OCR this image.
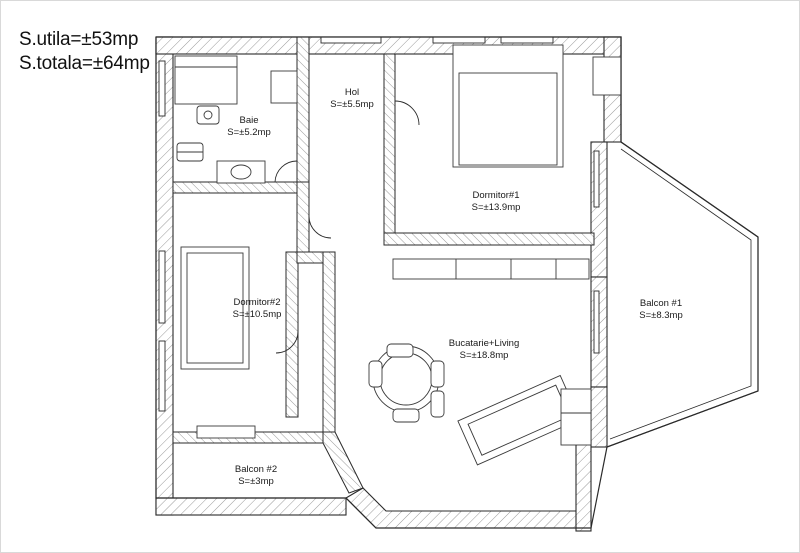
S.utila=±53mp
S.totala=±64mp
Hol
S=±5.5mp
Baie
S=±5.2mp
Dormitor#1
S=±13.9mp
Dormitor#2
S=±10.5mp
Bucatarie+Living
S=±18.8mp
Balcon #1
S=±8.3mp
Balcon #2
S=±3mp
